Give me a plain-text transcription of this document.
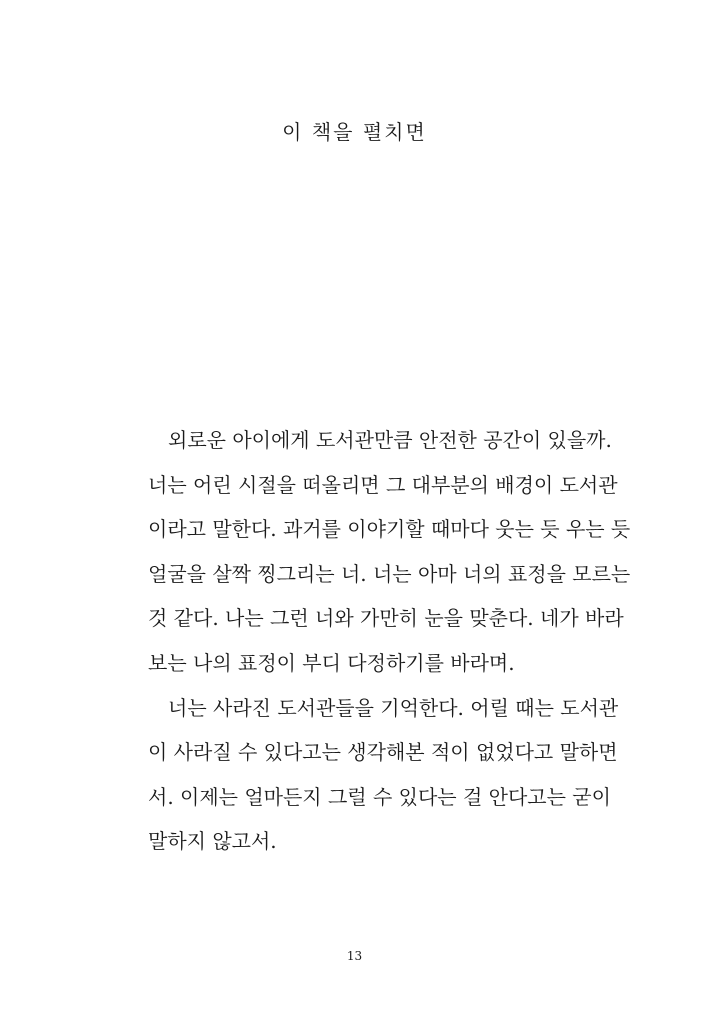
이 책을 펼치면
외로운 아이에게 도서관만큼 안전한 공간이 있을까.
너는 어린 시절을 떠올리면 그 대부분의 배경이 도서관
이라고 말한다. 과거를 이야기할 때마다 웃는 듯 우는 듯
얼굴을 살짝 찡그리는 너. 너는 아마 너의 표정을 모르는
것 같다. 나는 그런 너와 가만히 눈을 맞춘다. 네가 바라
보는 나의 표정이 부디 다정하기를 바라며.
너는 사라진 도서관들을 기억한다. 어릴 때는 도서관
이 사라질 수 있다고는 생각해본 적이 없었다고 말하면
서. 이제는 얼마든지 그럴 수 있다는 걸 안다고는 굳이
말하지 않고서.
13
